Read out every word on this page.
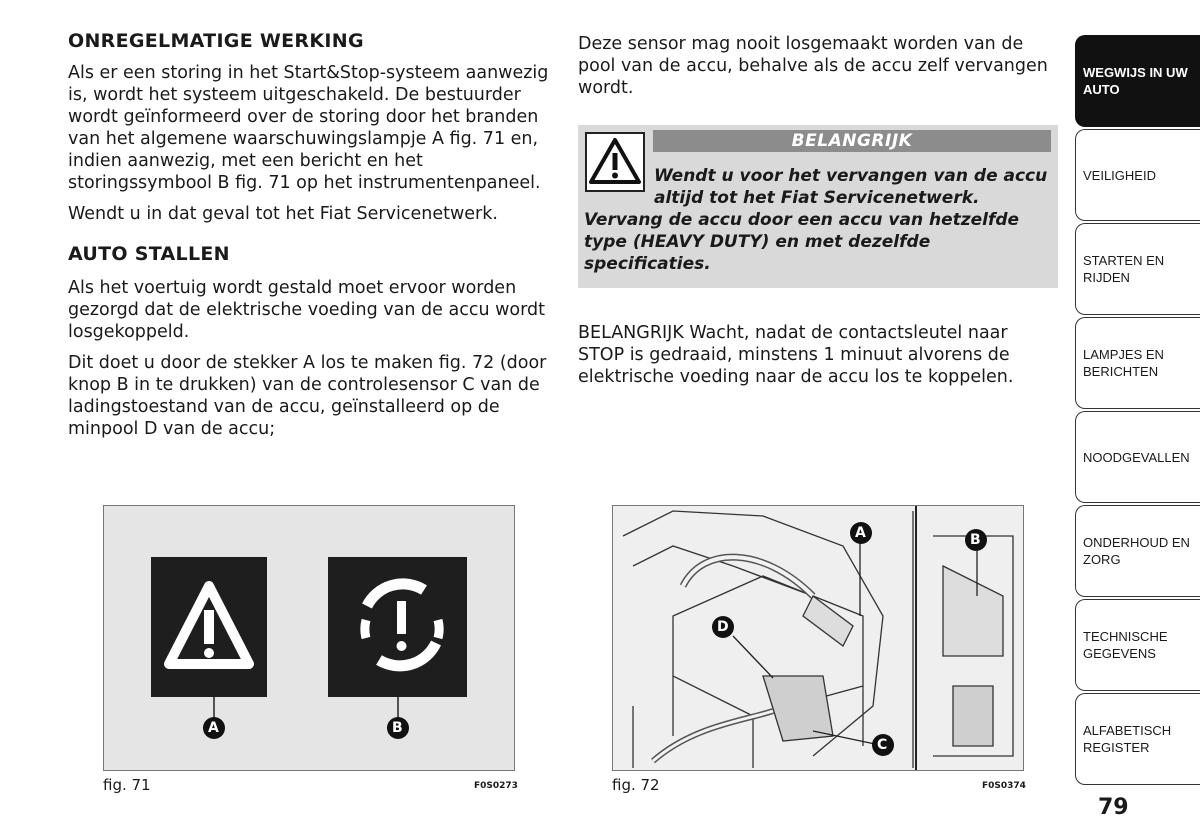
ONREGELMATIGE WERKING

Als er een storing in het Start&Stop-systeem aanwezig is, wordt het systeem uitgeschakeld. De bestuurder wordt geïnformeerd over de storing door het branden van het algemene waarschuwingslampje A fig. 71 en, indien aanwezig, met een bericht en het storingssymbool B fig. 71 op het instrumentenpaneel.

Wendt u in dat geval tot het Fiat Servicenetwerk.

AUTO STALLEN

Als het voertuig wordt gestald moet ervoor worden gezorgd dat de elektrische voeding van de accu wordt losgekoppeld.

Dit doet u door de stekker A los te maken fig. 72 (door knop B in te drukken) van de controlesensor C van de ladingstoestand van de accu, geïnstalleerd op de minpool D van de accu;

Deze sensor mag nooit losgemaakt worden van de pool van de accu, behalve als de accu zelf vervangen wordt.

BELANGRIJK
Wendt u voor het vervangen van de accu altijd tot het Fiat Servicenetwerk.
Vervang de accu door een accu van hetzelfde type (HEAVY DUTY) en met dezelfde specificaties.

BELANGRIJK Wacht, nadat de contactsleutel naar STOP is gedraaid, minstens 1 minuut alvorens de elektrische voeding naar de accu los te koppelen.

A	B
fig. 71	F0S0273
A	B
C
D
fig. 72	F0S0374
WEGWIJS IN UW AUTO
VEILIGHEID
STARTEN EN RIJDEN
LAMPJES EN BERICHTEN
NOODGEVALLEN
ONDERHOUD EN ZORG
TECHNISCHE GEGEVENS
ALFABETISCH REGISTER
79
